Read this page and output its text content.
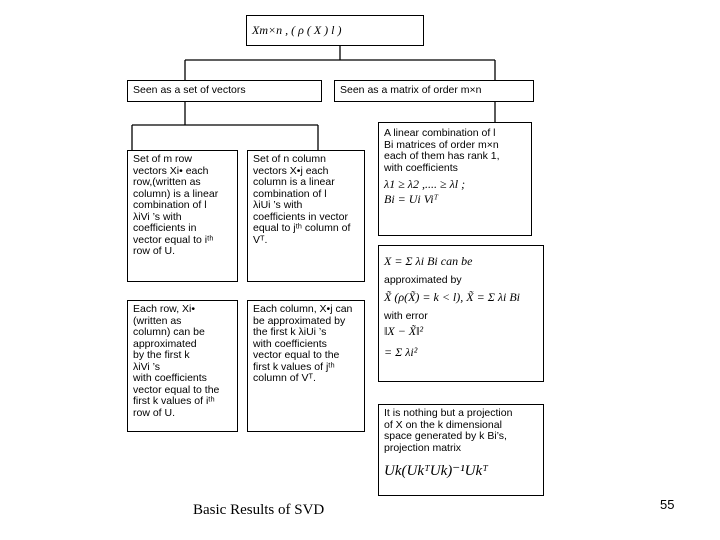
Xm×n , ( ρ ( X ) l )
Seen as a set of vectors	Seen as a matrix of order m×n
Set of m row
vectors Xi• each
row,(written as
column) is a linear
combination of l
λiVi ’s with
coefficients in
vector equal to iᵗʰ
row of U.
Set of n column
vectors X•j each
column is a linear
combination of l
λiUi ’s with
coefficients in vector
equal to jᵗʰ column of
Vᵀ.
A linear combination of l
Bi matrices of order m×n
each of them has rank 1,
with coefficients
λ1 ≥ λ2 ,.... ≥ λl ;
Bi = Ui Viᵀ
X = Σ λi Bi can be
approximated by
X̃ (ρ(X̃) = k < l), X̃ = Σ λi Bi
with error
‖X − X̃‖²
= Σ λi²
Each row, Xi•
(written as
column) can be
approximated
by the first k
λiVi ’s
with coefficients
vector equal to the
first k values of iᵗʰ
row of U.
Each column, X•j can
be approximated by
the first k λiUi ’s
with coefficients
vector equal to the
first k values of jᵗʰ
column of Vᵀ.
It is nothing but a projection
of X on the k dimensional
space generated by k Bi’s,
projection matrix
Uk(UkᵀUk)⁻¹Ukᵀ
Basic Results of SVD	55
